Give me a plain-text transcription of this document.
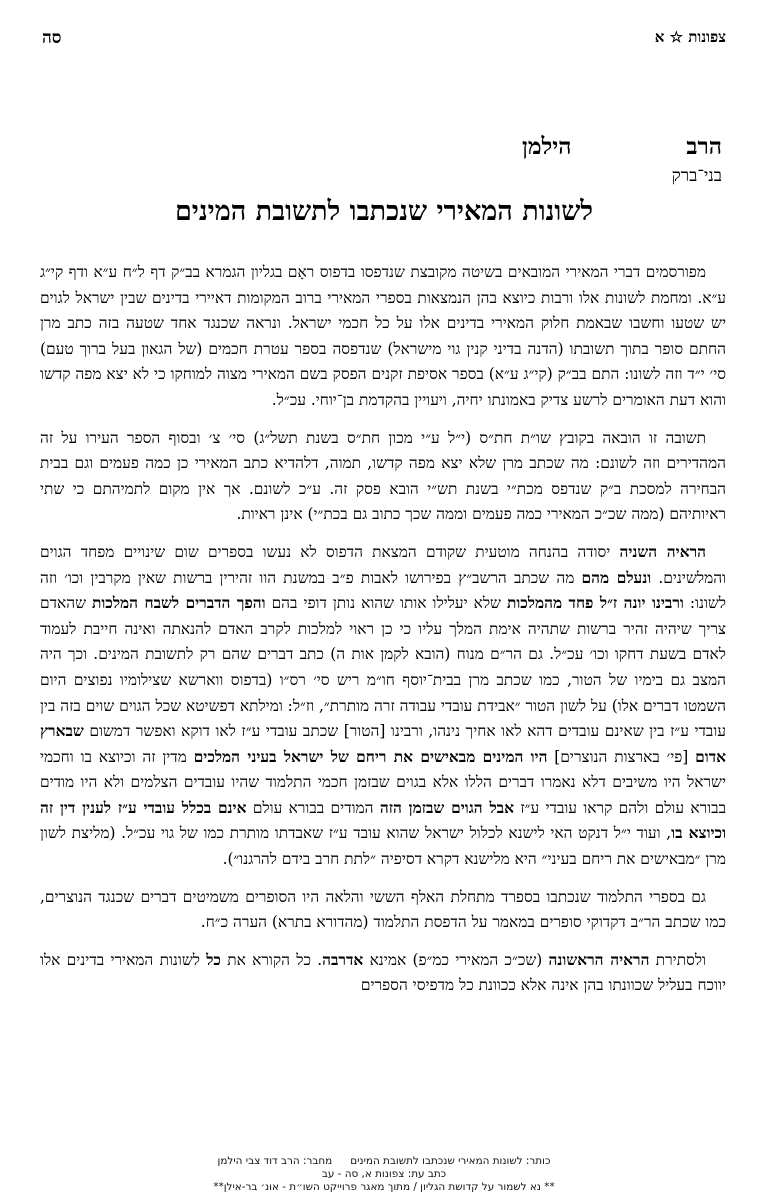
צפונות ☆ א
סה
הרב
הילמן
בני־ברק
לשונות המאירי שנכתבו לתשובת המינים

מפורסמים דברי המאירי המובאים בשיטה מקובצת שנדפסו בדפוס ראָם בגליון הגמרא בב״ק דף ל״ח ע״א ודף קי״ג ע״א. ומחמת לשונות אלו ורבות כיוצא בהן הנמצאות בספרי המאירי ברוב המקומות דאיירי בדינים שבין ישראל לגוים יש שטעו וחשבו שבאמת חלוק המאירי בדינים אלו על כל חכמי ישראל. ונראה שכנגד אחד שטעה בזה כתב מרן החתם סופר בתוך תשובתו (הדנה בדיני קנין גוי מישראל) שנדפסה בספר עטרת חכמים (של הגאון בעל ברוך טעם) סי׳ י״ד וזה לשונו: התם בב״ק (קי״ג ע״א) בספר אסיפת זקנים הפסק בשם המאירי מצוה למוחקו כי לא יצא מפה קדשו והוא דעת האומרים לרשע צדיק באמונתו יחיה, ויעויין בהקדמת בן־יוחי. עכ״ל.

תשובה זו הובאה בקובץ שו״ת חת״ס (י״ל ע״י מכון חת״ס בשנת תשל״ג) סי׳ צ׳ ובסוף הספר העירו על זה המהדירים וזה לשונם: מה שכתב מרן שלא יצא מפה קדשו, תמוה, דלהדיא כתב המאירי כן כמה פעמים וגם בבית הבחירה למסכת ב״ק שנדפס מכת״י בשנת תש״י הובא פסק זה. ע״כ לשונם. אך אין מקום לתמיהתם כי שתי ראיותיהם (ממה שכ״כ המאירי כמה פעמים וממה שכך כתוב גם בכת״י) אינן ראיות.

הראיה השניה יסודה בהנחה מוטעית שקודם המצאת הדפוס לא נעשו בספרים שום שינויים מפחד הגוים והמלשינים. ונעלם מהם מה שכתב הרשב״ץ בפירושו לאבות פ״ב במשנת הוו זהירין ברשות שאין מקרבין וכו׳ וזה לשונו: ורבינו יונה ז״ל פחד מהמלכות שלא יעלילו אותו שהוא נותן דופי בהם והפך הדברים לשבח המלכות שהאדם צריך שיהיה זהיר ברשות שתהיה אימת המלך עליו כי כן ראוי למלכות לקרב האדם להנאתה ואינה חייבת לעמוד לאדם בשעת דחקו וכו׳ עכ״ל. גם הר״ם מנוח (הובא לקמן אות ה) כתב דברים שהם רק לתשובת המינים. וכך היה המצב גם בימיו של הטור, כמו שכתב מרן בבית־יוסף חו״מ ריש סי׳ רס״ו (בדפוס ווארשא שצילומיו נפוצים היום השמטו דברים אלו) על לשון הטור ״אבידת עובדי עבודה זרה מותרת״, וז״ל: ומילתא דפשיטא שכל הגוים שוים בזה בין עובדי ע״ז בין שאינם עובדים דהא לאו אחיך נינהו, ורבינו [הטור] שכתב עובדי ע״ז לאו דוקא ואפשר דמשום שבארץ אדום [פי׳ בארצות הנוצרים] היו המינים מבאישים את ריחם של ישראל בעיני המלכים מדין זה וכיוצא בו וחכמי ישראל היו משיבים דלא נאמרו דברים הללו אלא בגוים שבזמן חכמי התלמוד שהיו עובדים הצלמים ולא היו מודים בבורא עולם ולהם קראו עובדי ע״ז אבל הגוים שבזמן הזה המודים בבורא עולם אינם בכלל עובדי ע״ז לענין דין זה וכיוצא בו, ועוד י״ל דנקט האי לישנא לכלול ישראל שהוא עובד ע״ז שאבדתו מותרת כמו של גוי עכ״ל. (מליצת לשון מרן ״מבאישים את ריחם בעיני״ היא מלישנא דקרא דסיפיה ״לתת חרב בידם להרגנו״).

גם בספרי התלמוד שנכתבו בספרד מתחלת האלף הששי והלאה היו הסופרים משמיטים דברים שכנגד הנוצרים, כמו שכתב הר״ב דקדוקי סופרים במאמר על הדפסת התלמוד (מהדורא בתרא) הערה כ״ח.

ולסתירת הראיה הראשונה (שכ״כ המאירי כמ״פ) אמינא אדרבה. כל הקורא את כל לשונות המאירי בדינים אלו יווכח בעליל שכוונתו בהן אינה אלא ככוונת כל מדפיסי הספרים

כותר: לשונות המאירי שנכתבו לתשובת המינים
מחבר: הרב דוד צבי הילמן
כתב עת: צפונות א, סה - עב
** נא לשמור על קדושת הגליון / מתוך מאגר פרוייקט השו״ת - אונ׳ בר-אילן**
